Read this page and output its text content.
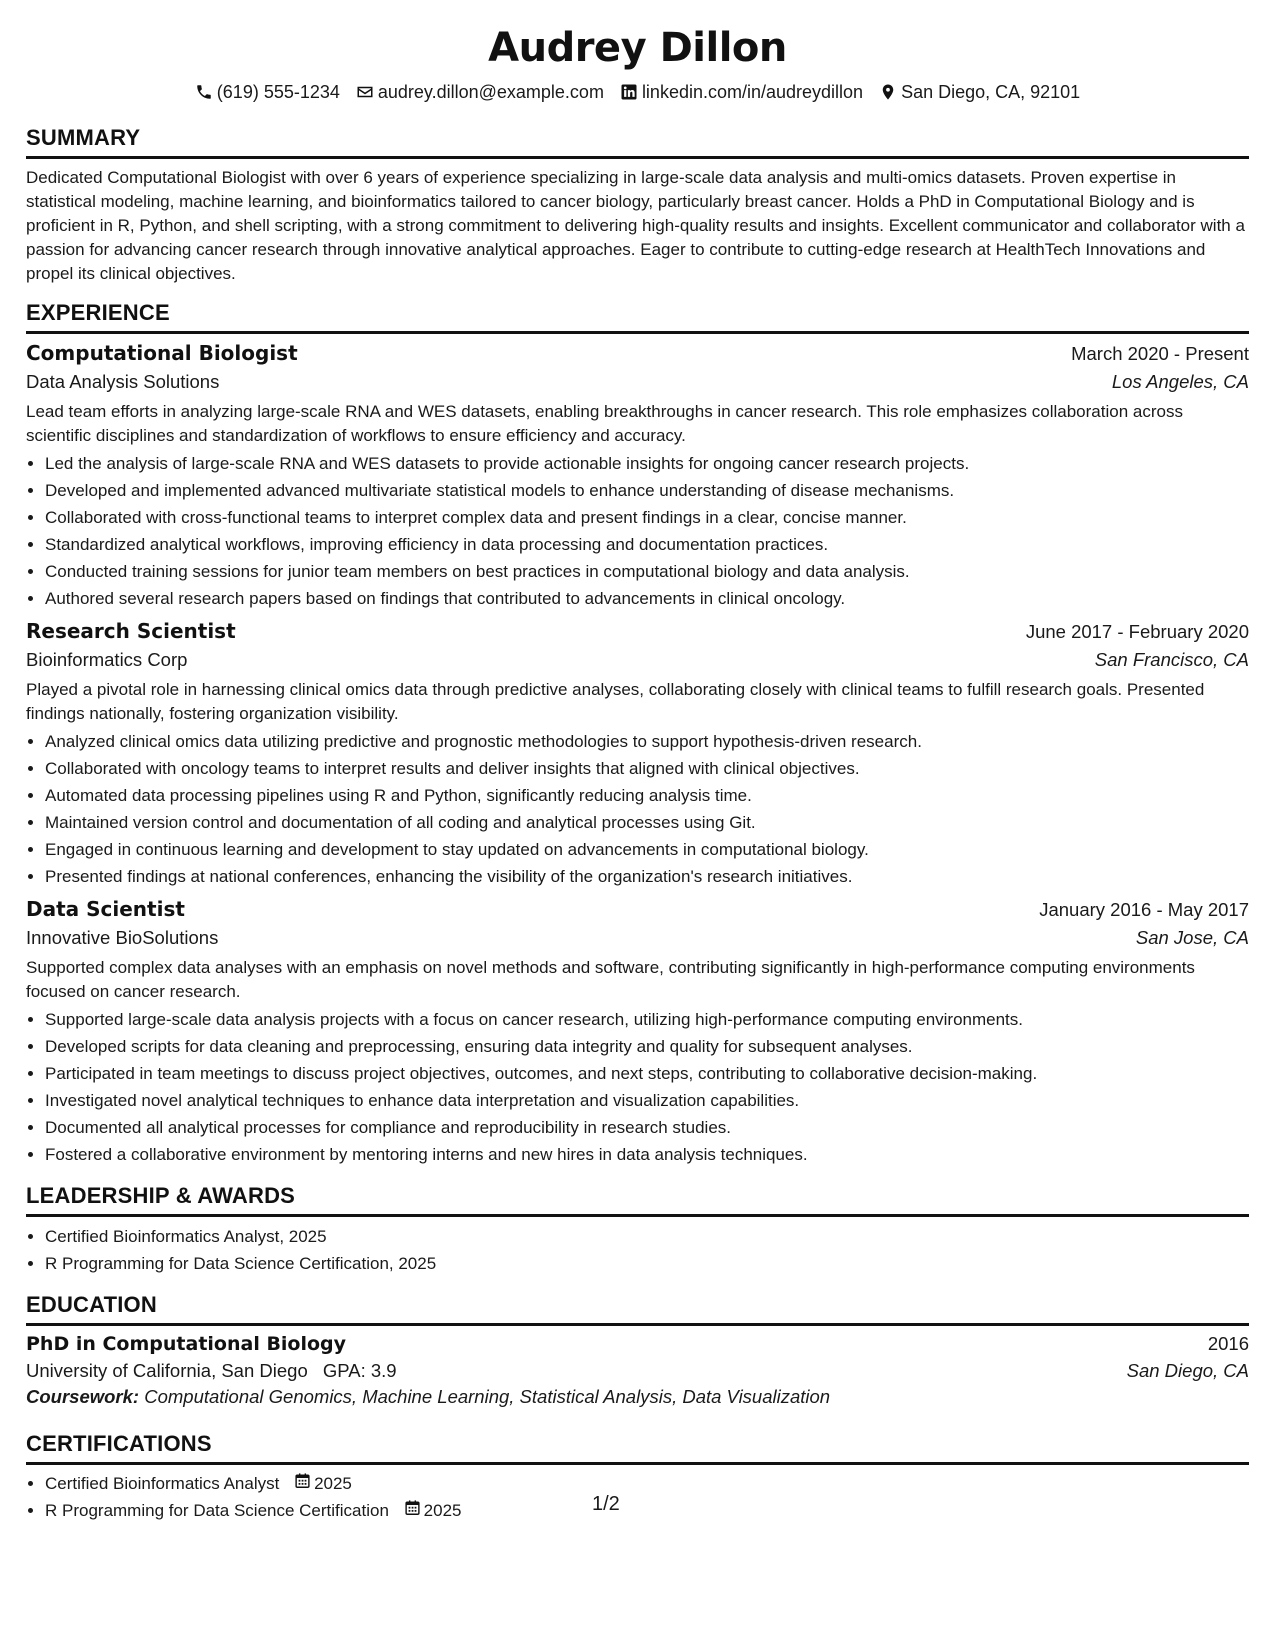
Audrey Dillon
(619) 555-1234 audrey.dillon@example.com linkedin.com/in/audreydillon San Diego, CA, 92101
SUMMARY
Dedicated Computational Biologist with over 6 years of experience specializing in large-scale data analysis and multi-omics datasets. Proven expertise in statistical modeling, machine learning, and bioinformatics tailored to cancer biology, particularly breast cancer. Holds a PhD in Computational Biology and is proficient in R, Python, and shell scripting, with a strong commitment to delivering high-quality results and insights. Excellent communicator and collaborator with a passion for advancing cancer research through innovative analytical approaches. Eager to contribute to cutting-edge research at HealthTech Innovations and propel its clinical objectives.
EXPERIENCE
Computational Biologist	March 2020 - Present
Data Analysis Solutions	Los Angeles, CA
Lead team efforts in analyzing large-scale RNA and WES datasets, enabling breakthroughs in cancer research. This role emphasizes collaboration across scientific disciplines and standardization of workflows to ensure efficiency and accuracy.
• Led the analysis of large-scale RNA and WES datasets to provide actionable insights for ongoing cancer research projects.
• Developed and implemented advanced multivariate statistical models to enhance understanding of disease mechanisms.
• Collaborated with cross-functional teams to interpret complex data and present findings in a clear, concise manner.
• Standardized analytical workflows, improving efficiency in data processing and documentation practices.
• Conducted training sessions for junior team members on best practices in computational biology and data analysis.
• Authored several research papers based on findings that contributed to advancements in clinical oncology.
Research Scientist	June 2017 - February 2020
Bioinformatics Corp	San Francisco, CA
Played a pivotal role in harnessing clinical omics data through predictive analyses, collaborating closely with clinical teams to fulfill research goals. Presented findings nationally, fostering organization visibility.
• Analyzed clinical omics data utilizing predictive and prognostic methodologies to support hypothesis-driven research.
• Collaborated with oncology teams to interpret results and deliver insights that aligned with clinical objectives.
• Automated data processing pipelines using R and Python, significantly reducing analysis time.
• Maintained version control and documentation of all coding and analytical processes using Git.
• Engaged in continuous learning and development to stay updated on advancements in computational biology.
• Presented findings at national conferences, enhancing the visibility of the organization's research initiatives.
Data Scientist	January 2016 - May 2017
Innovative BioSolutions	San Jose, CA
Supported complex data analyses with an emphasis on novel methods and software, contributing significantly in high-performance computing environments focused on cancer research.
• Supported large-scale data analysis projects with a focus on cancer research, utilizing high-performance computing environments.
• Developed scripts for data cleaning and preprocessing, ensuring data integrity and quality for subsequent analyses.
• Participated in team meetings to discuss project objectives, outcomes, and next steps, contributing to collaborative decision-making.
• Investigated novel analytical techniques to enhance data interpretation and visualization capabilities.
• Documented all analytical processes for compliance and reproducibility in research studies.
• Fostered a collaborative environment by mentoring interns and new hires in data analysis techniques.
LEADERSHIP & AWARDS
• Certified Bioinformatics Analyst, 2025
• R Programming for Data Science Certification, 2025
EDUCATION
PhD in Computational Biology	2016
University of California, San Diego GPA: 3.9	San Diego, CA
Coursework: Computational Genomics, Machine Learning, Statistical Analysis, Data Visualization
CERTIFICATIONS
• Certified Bioinformatics Analyst 2025
• R Programming for Data Science Certification 2025	1/2
